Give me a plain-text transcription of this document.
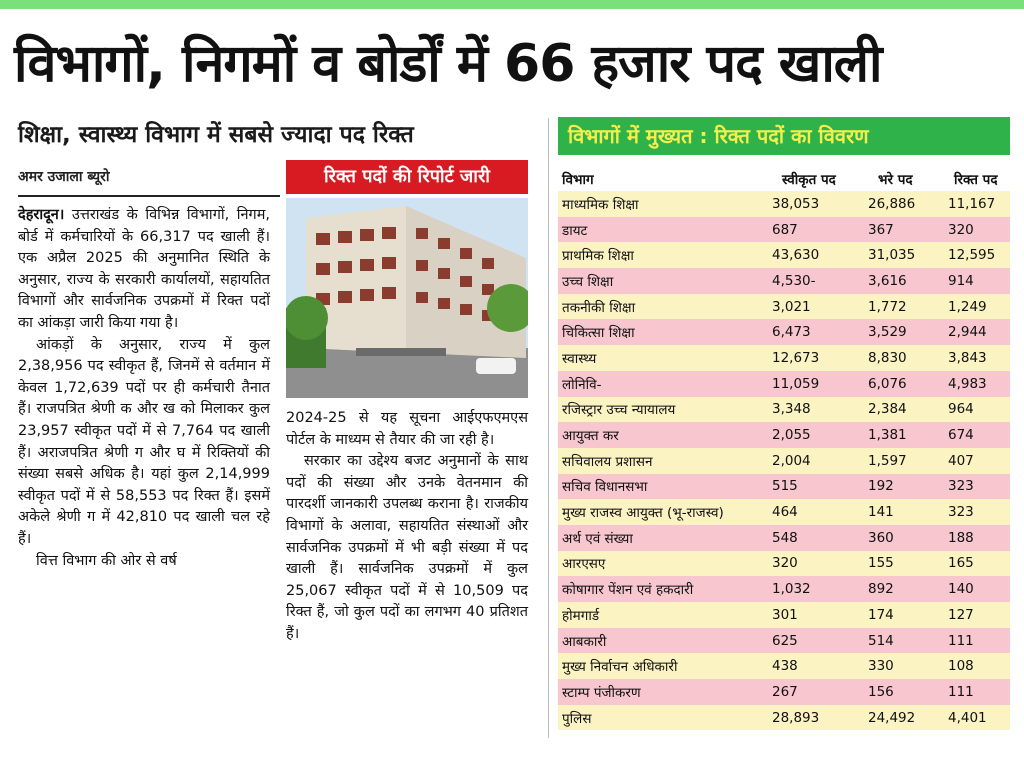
विभागों, निगमों व बोर्डों में 66 हजार पद खाली
शिक्षा, स्वास्थ्य विभाग में सबसे ज्यादा पद रिक्त
अमर उजाला ब्यूरो

देहरादून। उत्तराखंड के विभिन्न विभागों, निगम, बोर्ड में कर्मचारियों के 66,317 पद खाली हैं। एक अप्रैल 2025 की अनुमानित स्थिति के अनुसार, राज्य के सरकारी कार्यालयों, सहायतित विभागों और सार्वजनिक उपक्रमों में रिक्त पदों का आंकड़ा जारी किया गया है।

आंकड़ों के अनुसार, राज्य में कुल 2,38,956 पद स्वीकृत हैं, जिनमें से वर्तमान में केवल 1,72,639 पदों पर ही कर्मचारी तैनात हैं। राजपत्रित श्रेणी क और ख को मिलाकर कुल 23,957 स्वीकृत पदों में से 7,764 पद खाली हैं। अराजपत्रित श्रेणी ग और घ में रिक्तियों की संख्या सबसे अधिक है। यहां कुल 2,14,999 स्वीकृत पदों में से 58,553 पद रिक्त हैं। इसमें अकेले श्रेणी ग में 42,810 पद खाली चल रहे हैं।

वित्त विभाग की ओर से वर्ष

रिक्त पदों की रिपोर्ट जारी

2024-25 से यह सूचना आईएफएमएस पोर्टल के माध्यम से तैयार की जा रही है।

सरकार का उद्देश्य बजट अनुमानों के साथ पदों की संख्या और उनके वेतनमान की पारदर्शी जानकारी उपलब्ध कराना है। राजकीय विभागों के अलावा, सहायतित संस्थाओं और सार्वजनिक उपक्रमों में भी बड़ी संख्या में पद खाली हैं। सार्वजनिक उपक्रमों में कुल 25,067 स्वीकृत पदों में से 10,509 पद रिक्त हैं, जो कुल पदों का लगभग 40 प्रतिशत हैं।

विभागों में मुख्यत : रिक्त पदों का विवरण
विभाग	स्वीकृत पद	भरे पद	रिक्त पद
माध्यमिक शिक्षा	38,053	26,886	11,167
डायट	687	367	320
प्राथमिक शिक्षा	43,630	31,035	12,595
उच्च शिक्षा	4,530-	3,616	914
तकनीकी शिक्षा	3,021	1,772	1,249
चिकित्सा शिक्षा	6,473	3,529	2,944
स्वास्थ्य	12,673	8,830	3,843
लोनिवि-	11,059	6,076	4,983
रजिस्ट्रार उच्च न्यायालय	3,348	2,384	964
आयुक्त कर	2,055	1,381	674
सचिवालय प्रशासन	2,004	1,597	407
सचिव विधानसभा	515	192	323
मुख्य राजस्व आयुक्त (भू-राजस्व)	464	141	323
अर्थ एवं संख्या	548	360	188
आरएसए	320	155	165
कोषागार पेंशन एवं हकदारी	1,032	892	140
होमगार्ड	301	174	127
आबकारी	625	514	111
मुख्य निर्वाचन अधिकारी	438	330	108
स्टाम्प पंजीकरण	267	156	111
पुलिस	28,893	24,492	4,401
